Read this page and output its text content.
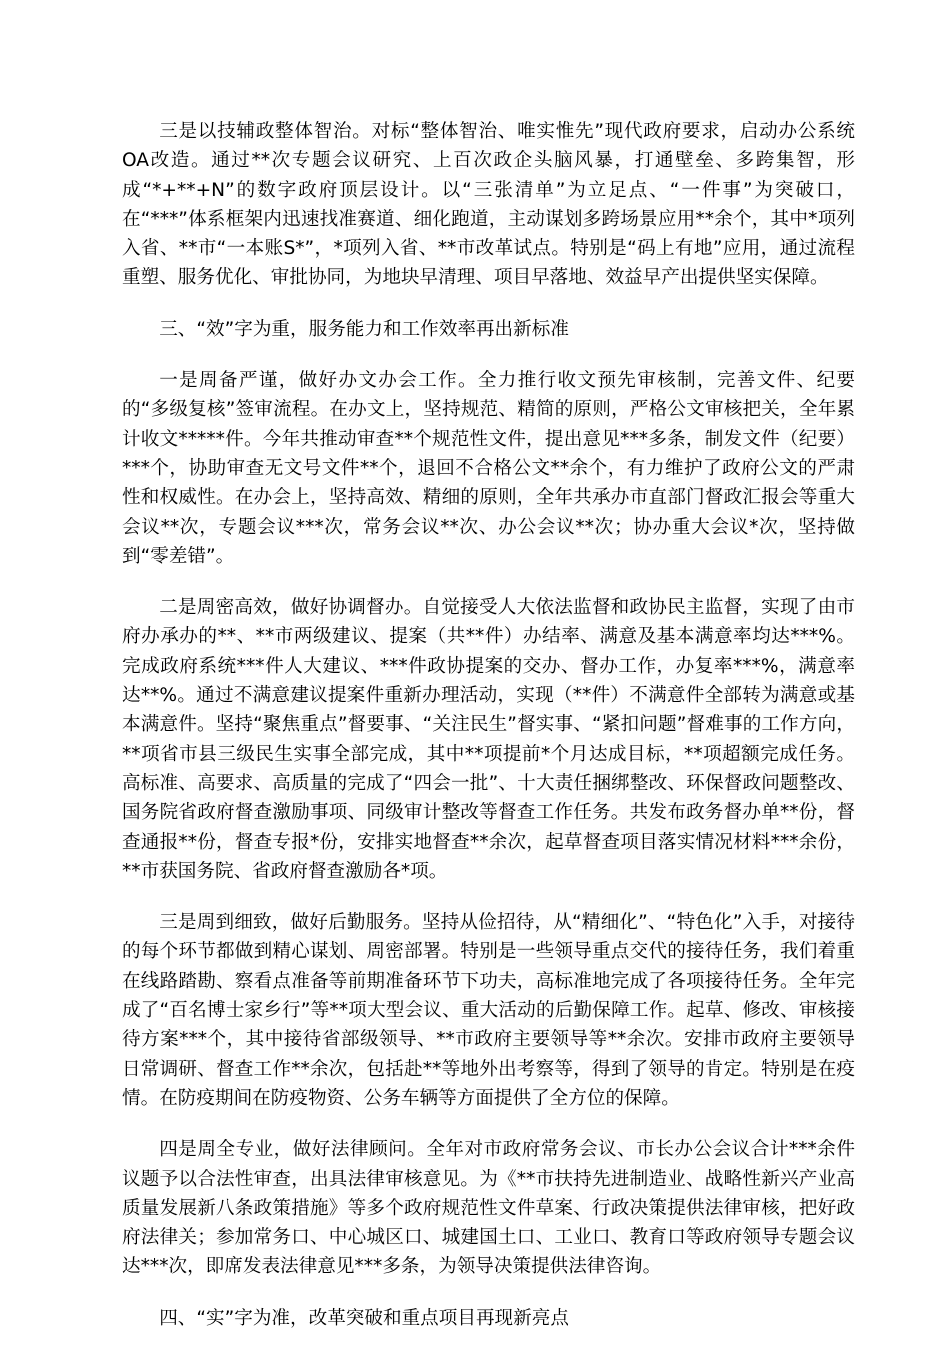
三是以技辅政整体智治。对标“整体智治、唯实惟先”现代政府要求，启动办公系统OA改造。通过**次专题会议研究、上百次政企头脑风暴，打通壁垒、多跨集智，形成“*+**+N”的数字政府顶层设计。以“三张清单”为立足点、“一件事”为突破口，在“***”体系框架内迅速找准赛道、细化跑道，主动谋划多跨场景应用**余个，其中*项列入省、**市“一本账S*”，*项列入省、**市改革试点。特别是“码上有地”应用，通过流程重塑、服务优化、审批协同，为地块早清理、项目早落地、效益早产出提供坚实保障。

三、“效”字为重，服务能力和工作效率再出新标准

一是周备严谨，做好办文办会工作。全力推行收文预先审核制，完善文件、纪要的“多级复核”签审流程。在办文上，坚持规范、精简的原则，严格公文审核把关，全年累计收文*****件。今年共推动审查**个规范性文件，提出意见***多条，制发文件（纪要）***个，协助审查无文号文件**个，退回不合格公文**余个，有力维护了政府公文的严肃性和权威性。在办会上，坚持高效、精细的原则，全年共承办市直部门督政汇报会等重大会议**次，专题会议***次，常务会议**次、办公会议**次；协办重大会议*次，坚持做到“零差错”。

二是周密高效，做好协调督办。自觉接受人大依法监督和政协民主监督，实现了由市府办承办的**、**市两级建议、提案（共**件）办结率、满意及基本满意率均达***%。完成政府系统***件人大建议、***件政协提案的交办、督办工作，办复率***%，满意率达**%。通过不满意建议提案件重新办理活动，实现（**件）不满意件全部转为满意或基本满意件。坚持“聚焦重点”督要事、“关注民生”督实事、“紧扣问题”督难事的工作方向，**项省市县三级民生实事全部完成，其中**项提前*个月达成目标，**项超额完成任务。高标准、高要求、高质量的完成了“四会一批”、十大责任捆绑整改、环保督政问题整改、国务院省政府督查激励事项、同级审计整改等督查工作任务。共发布政务督办单**份，督查通报**份，督查专报*份，安排实地督查**余次，起草督查项目落实情况材料***余份，**市获国务院、省政府督查激励各*项。

三是周到细致，做好后勤服务。坚持从俭招待，从“精细化”、“特色化”入手，对接待的每个环节都做到精心谋划、周密部署。特别是一些领导重点交代的接待任务，我们着重在线路踏勘、察看点准备等前期准备环节下功夫，高标准地完成了各项接待任务。全年完成了“百名博士家乡行”等**项大型会议、重大活动的后勤保障工作。起草、修改、审核接待方案***个，其中接待省部级领导、**市政府主要领导等**余次。安排市政府主要领导日常调研、督查工作**余次，包括赴**等地外出考察等，得到了领导的肯定。特别是在疫情。在防疫期间在防疫物资、公务车辆等方面提供了全方位的保障。

四是周全专业，做好法律顾问。全年对市政府常务会议、市长办公会议合计***余件议题予以合法性审查，出具法律审核意见。为《**市扶持先进制造业、战略性新兴产业高质量发展新八条政策措施》等多个政府规范性文件草案、行政决策提供法律审核，把好政府法律关；参加常务口、中心城区口、城建国土口、工业口、教育口等政府领导专题会议达***次，即席发表法律意见***多条，为领导决策提供法律咨询。

四、“实”字为准，改革突破和重点项目再现新亮点
